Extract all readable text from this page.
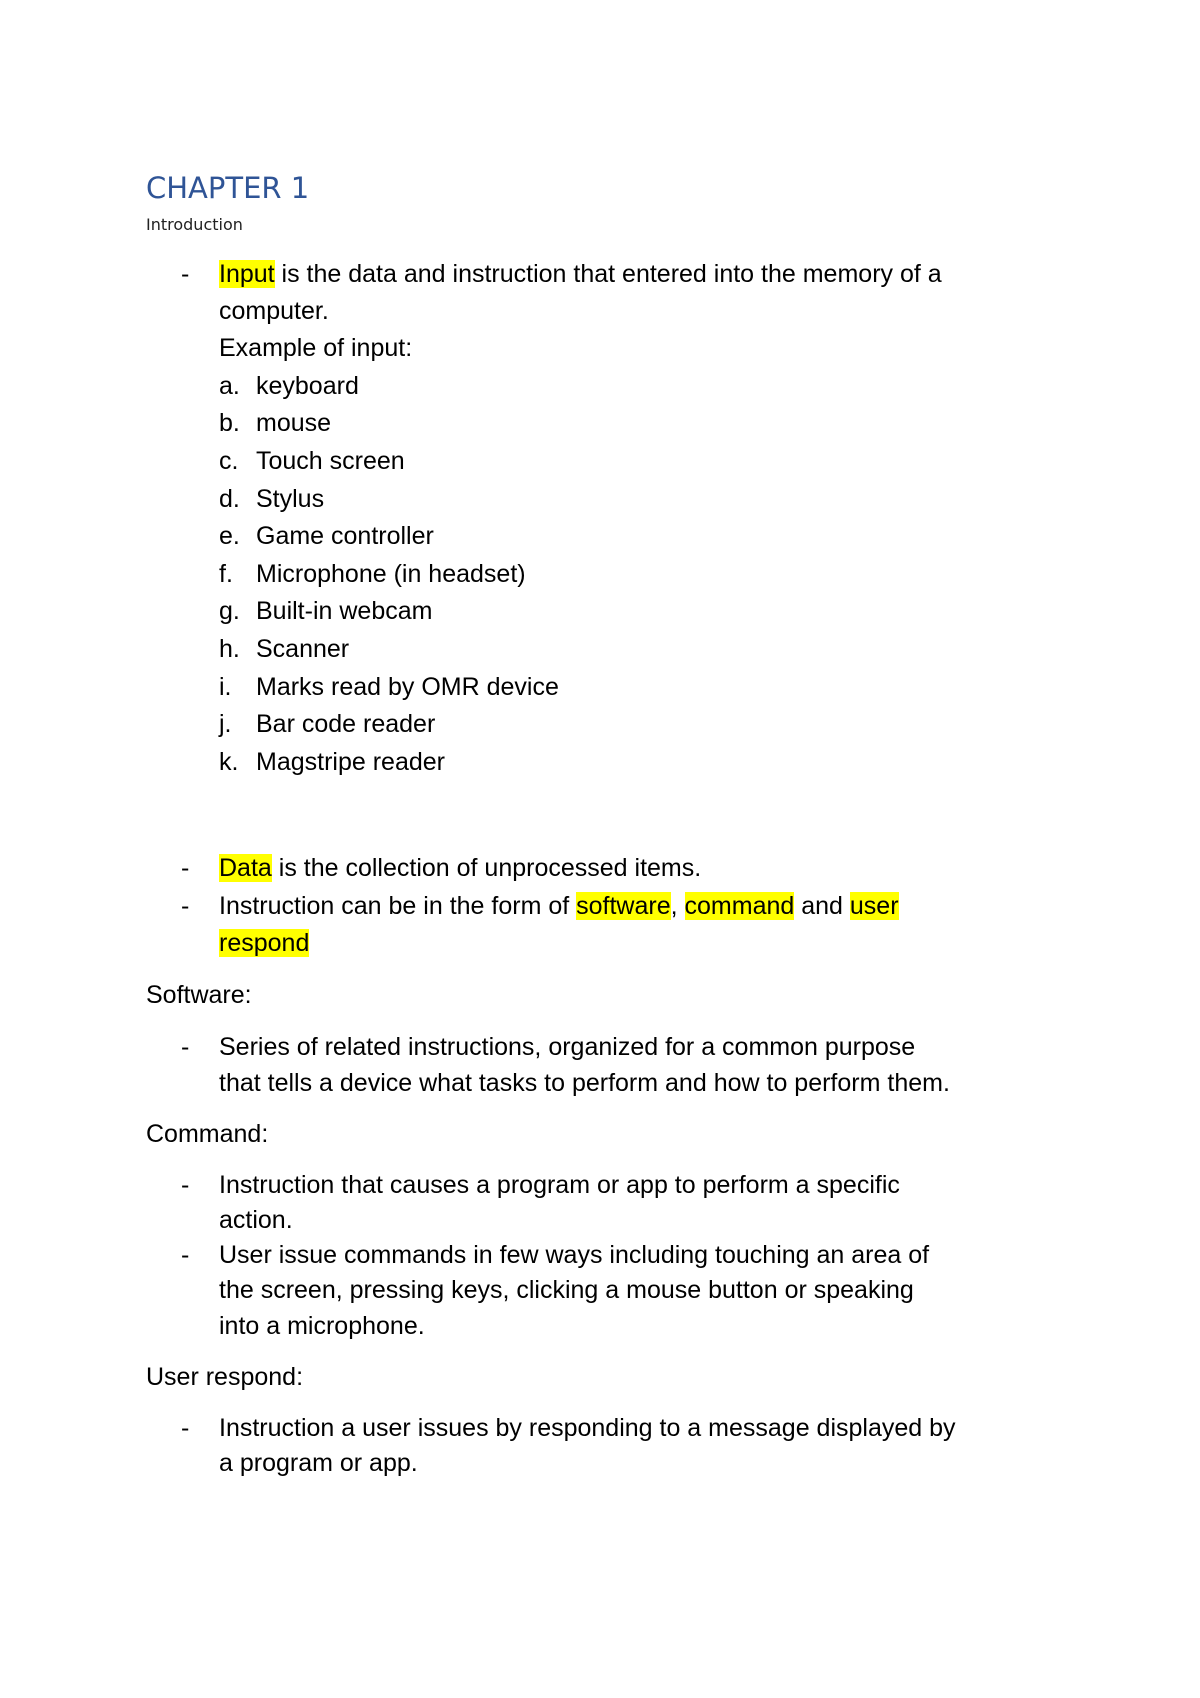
CHAPTER 1

Introduction

- Input is the data and instruction that entered into the memory of a
computer.
Example of input:
a. keyboard
b. mouse
c. Touch screen
d. Stylus
e. Game controller
f. Microphone (in headset)
g. Built-in webcam
h. Scanner
i. Marks read by OMR device
j. Bar code reader
k. Magstripe reader
- Data is the collection of unprocessed items.
- Instruction can be in the form of software, command and user
respond
Software:
- Series of related instructions, organized for a common purpose
that tells a device what tasks to perform and how to perform them.
Command:
- Instruction that causes a program or app to perform a specific
action.
- User issue commands in few ways including touching an area of
the screen, pressing keys, clicking a mouse button or speaking
into a microphone.
User respond:
- Instruction a user issues by responding to a message displayed by
a program or app.
